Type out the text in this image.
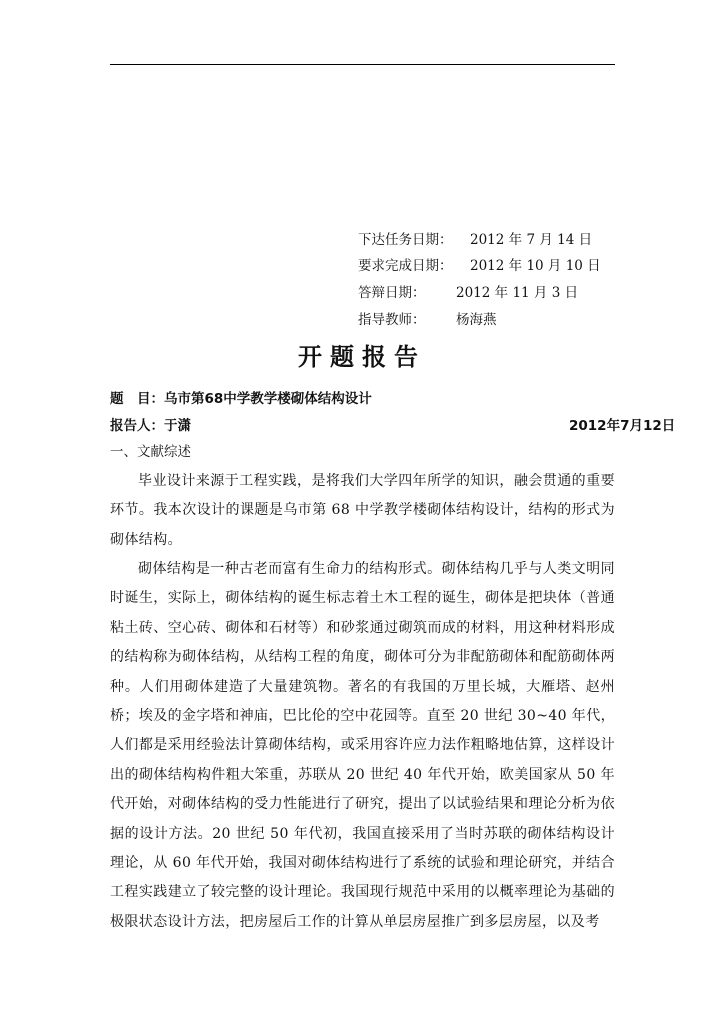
下达任务日期： 2012 年 7 月 14 日
要求完成日期： 2012 年 10 月 10 日
答辩日期： 2012 年 11 月 3 日
指导教师： 杨海燕
开题报告
题　目：乌市第68中学教学楼砌体结构设计
报告人：于潇	2012年7月12日
一、文献综述
毕业设计来源于工程实践，是将我们大学四年所学的知识，融会贯通的重要环节。我本次设计的课题是乌市第 68 中学教学楼砌体结构设计，结构的形式为砌体结构。
砌体结构是一种古老而富有生命力的结构形式。砌体结构几乎与人类文明同时诞生，实际上，砌体结构的诞生标志着土木工程的诞生，砌体是把块体（普通粘土砖、空心砖、砌体和石材等）和砂浆通过砌筑而成的材料，用这种材料形成的结构称为砌体结构，从结构工程的角度，砌体可分为非配筋砌体和配筋砌体两种。人们用砌体建造了大量建筑物。著名的有我国的万里长城，大雁塔、赵州桥；埃及的金字塔和神庙，巴比伦的空中花园等。直至 20 世纪 30~40 年代，人们都是采用经验法计算砌体结构，或采用容许应力法作粗略地估算，这样设计出的砌体结构构件粗大笨重，苏联从 20 世纪 40 年代开始，欧美国家从 50 年代开始，对砌体结构的受力性能进行了研究，提出了以试验结果和理论分析为依据的设计方法。20 世纪 50 年代初，我国直接采用了当时苏联的砌体结构设计理论，从 60 年代开始，我国对砌体结构进行了系统的试验和理论研究，并结合工程实践建立了较完整的设计理论。我国现行规范中采用的以概率理论为基础的极限状态设计方法，把房屋后工作的计算从单层房屋推广到多层房屋，以及考
